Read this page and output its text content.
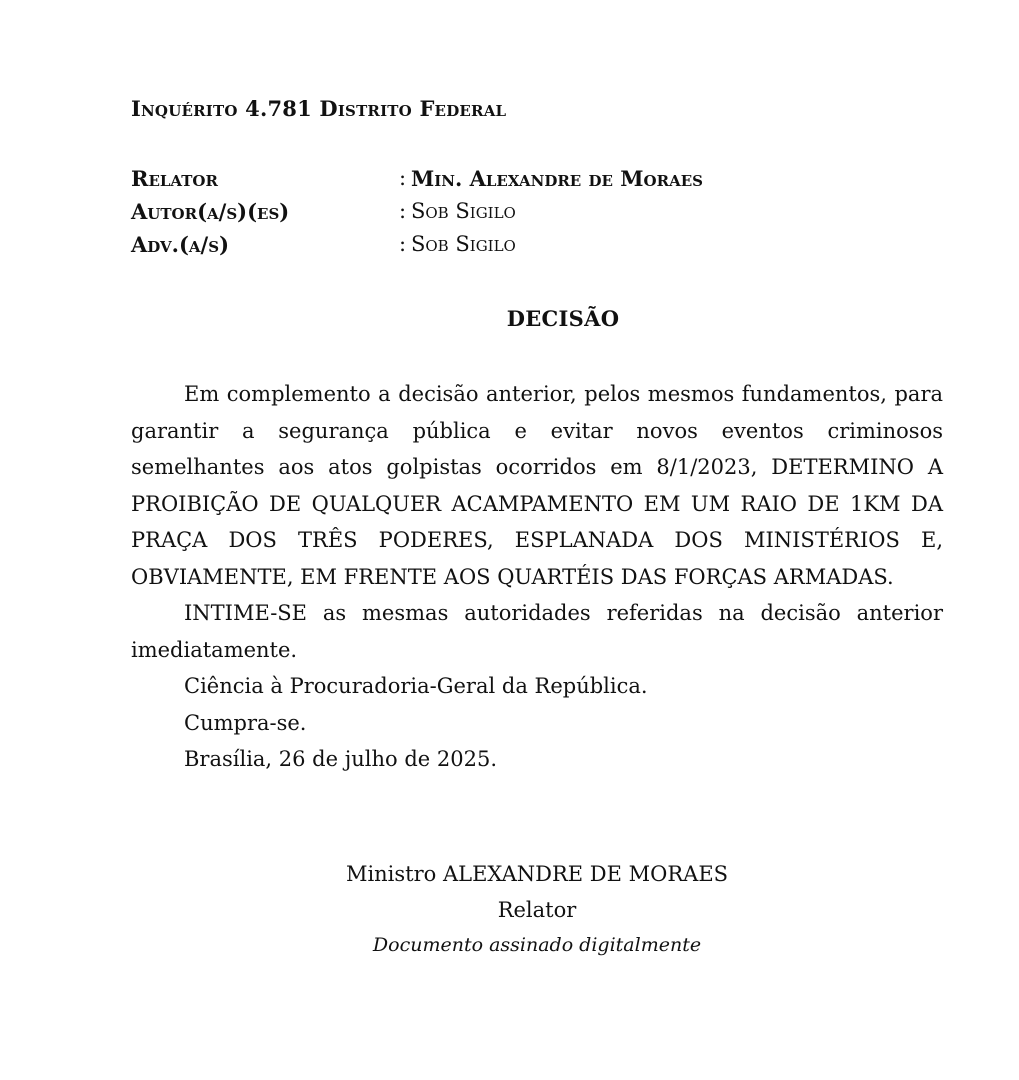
Inquérito 4.781 Distrito Federal
Relator	: Min. Alexandre de Moraes
Autor(a/s)(es)	: Sob Sigilo
Adv.(a/s)	: Sob Sigilo
DECISÃO

Em complemento a decisão anterior, pelos mesmos fundamentos, para garantir a segurança pública e evitar novos eventos criminosos semelhantes aos atos golpistas ocorridos em 8/1/2023, DETERMINO A PROIBIÇÃO DE QUALQUER ACAMPAMENTO EM UM RAIO DE 1KM DA PRAÇA DOS TRÊS PODERES, ESPLANADA DOS MINISTÉRIOS E, OBVIAMENTE, EM FRENTE AOS QUARTÉIS DAS FORÇAS ARMADAS.

INTIME-SE as mesmas autoridades referidas na decisão anterior imediatamente.

Ciência à Procuradoria-Geral da República.

Cumpra-se.

Brasília, 26 de julho de 2025.

Ministro ALEXANDRE DE MORAES
Relator
Documento assinado digitalmente
